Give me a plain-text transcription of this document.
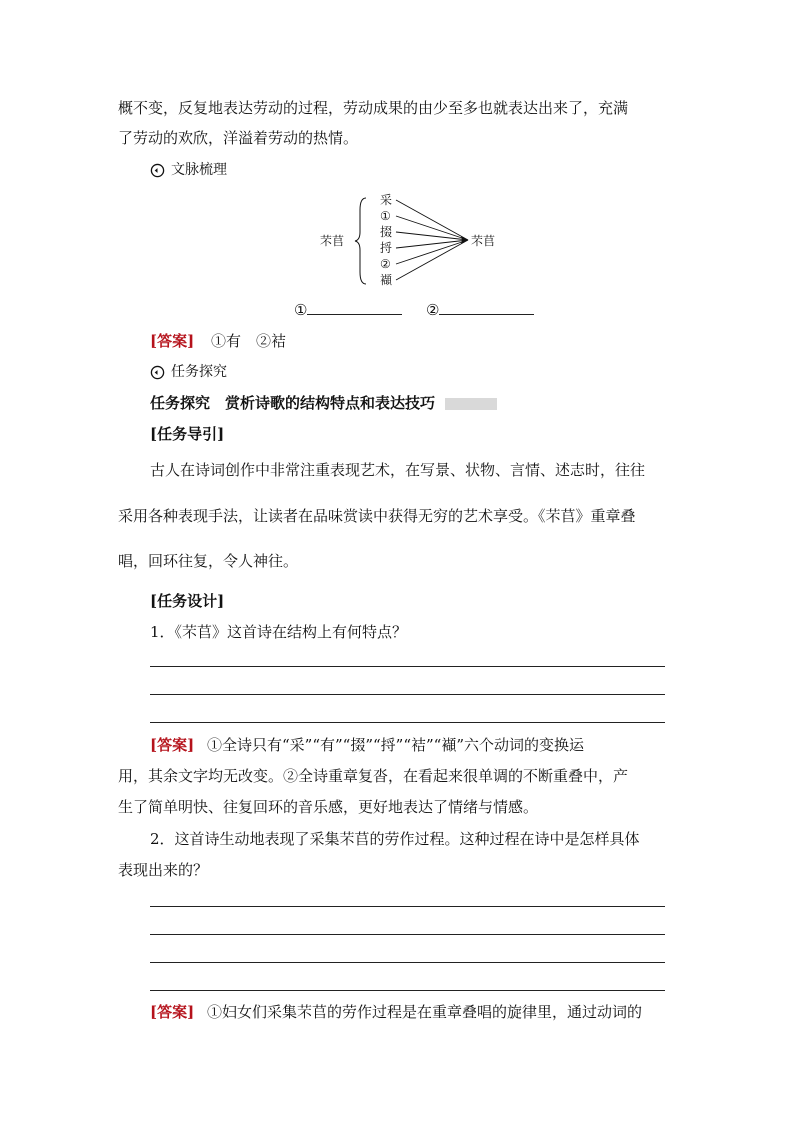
概不变，反复地表达劳动的过程，劳动成果的由少至多也就表达出来了，充满
了劳动的欢欣，洋溢着劳动的热情。
文脉梳理
芣苢
采
①
掇
捋
②
襭
芣苢
①	②
[答案] ①有　②袺
任务探究
任务探究　赏析诗歌的结构特点和表达技巧
[任务导引]
古人在诗词创作中非常注重表现艺术，在写景、状物、言情、述志时，往往
采用各种表现手法，让读者在品味赏读中获得无穷的艺术享受。《芣苢》重章叠
唱，回环往复，令人神往。
[任务设计]
1．《芣苢》这首诗在结构上有何特点？
[答案] ①全诗只有“采”“有”“掇”“捋”“袺”“襭”六个动词的变换运
用，其余文字均无改变。②全诗重章复沓，在看起来很单调的不断重叠中，产
生了简单明快、往复回环的音乐感，更好地表达了情绪与情感。
2．这首诗生动地表现了采集芣苢的劳作过程。这种过程在诗中是怎样具体
表现出来的？
[答案] ①妇女们采集芣苢的劳作过程是在重章叠唱的旋律里，通过动词的
